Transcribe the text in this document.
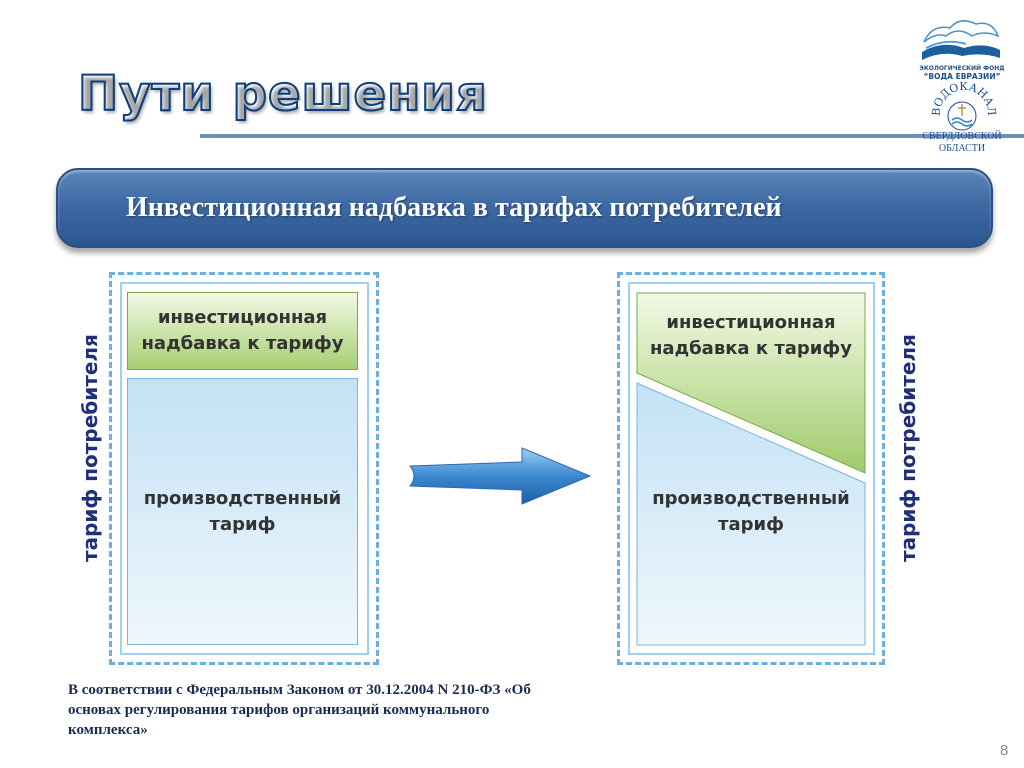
Пути решения	ЭКОЛОГИЧЕСКИЙ ФОНД
“ВОДА ЕВРАЗИИ”
ВОДОКАНАЛ
СВЕРДЛОВСКОЙ
ОБЛАСТИ
Инвестиционная надбавка в тарифах потребителей
тариф потребителя
инвестиционная
надбавка к тарифу
производственный
тариф
инвестиционная
надбавка к тарифу
производственный
тариф	тариф потребителя
В соответствии с Федеральным Законом от 30.12.2004 N 210-ФЗ «Об
основах регулирования тарифов организаций коммунального
комплекса»
8
